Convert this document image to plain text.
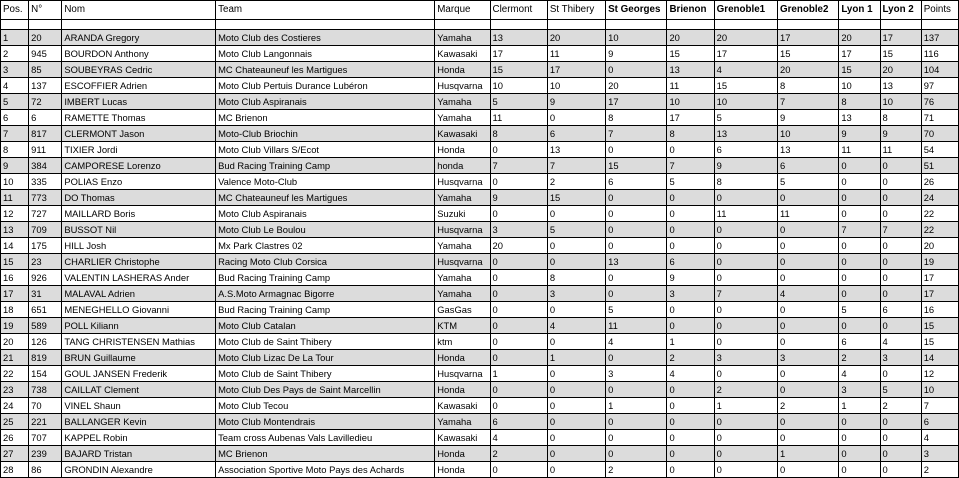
Pos.	N°	Nom	Team	Marque	Clermont	St Thibery	St Georges	Brienon	Grenoble1	Grenoble2	Lyon 1	Lyon 2	Points

1	20	ARANDA Gregory	Moto Club des Costieres	Yamaha	13	20	10	20	20	17	20	17	137
2	945	BOURDON Anthony	Moto Club Langonnais	Kawasaki	17	11	9	15	17	15	17	15	116
3	85	SOUBEYRAS Cedric	MC Chateauneuf les Martigues	Honda	15	17	0	13	4	20	15	20	104
4	137	ESCOFFIER Adrien	Moto Club Pertuis Durance Lubéron	Husqvarna	10	10	20	11	15	8	10	13	97
5	72	IMBERT Lucas	Moto Club Aspiranais	Yamaha	5	9	17	10	10	7	8	10	76
6	6	RAMETTE Thomas	MC Brienon	Yamaha	11	0	8	17	5	9	13	8	71
7	817	CLERMONT Jason	Moto-Club Briochin	Kawasaki	8	6	7	8	13	10	9	9	70
8	911	TIXIER Jordi	Moto Club Villars S/Ecot	Honda	0	13	0	0	6	13	11	11	54
9	384	CAMPORESE Lorenzo	Bud Racing Training Camp	honda	7	7	15	7	9	6	0	0	51
10	335	POLIAS Enzo	Valence Moto-Club	Husqvarna	0	2	6	5	8	5	0	0	26
11	773	DO Thomas	MC Chateauneuf les Martigues	Yamaha	9	15	0	0	0	0	0	0	24
12	727	MAILLARD Boris	Moto Club Aspiranais	Suzuki	0	0	0	0	11	11	0	0	22
13	709	BUSSOT Nil	Moto Club Le Boulou	Husqvarna	3	5	0	0	0	0	7	7	22
14	175	HILL Josh	Mx Park Clastres 02	Yamaha	20	0	0	0	0	0	0	0	20
15	23	CHARLIER Christophe	Racing Moto Club Corsica	Husqvarna	0	0	13	6	0	0	0	0	19
16	926	VALENTIN LASHERAS Ander	Bud Racing Training Camp	Yamaha	0	8	0	9	0	0	0	0	17
17	31	MALAVAL Adrien	A.S.Moto Armagnac Bigorre	Yamaha	0	3	0	3	7	4	0	0	17
18	651	MENEGHELLO Giovanni	Bud Racing Training Camp	GasGas	0	0	5	0	0	0	5	6	16
19	589	POLL Kiliann	Moto Club Catalan	KTM	0	4	11	0	0	0	0	0	15
20	126	TANG CHRISTENSEN Mathias	Moto Club de Saint Thibery	ktm	0	0	4	1	0	0	6	4	15
21	819	BRUN Guillaume	Moto Club Lizac De La Tour	Honda	0	1	0	2	3	3	2	3	14
22	154	GOUL JANSEN Frederik	Moto Club de Saint Thibery	Husqvarna	1	0	3	4	0	0	4	0	12
23	738	CAILLAT Clement	Moto Club Des Pays de Saint Marcellin	Honda	0	0	0	0	2	0	3	5	10
24	70	VINEL Shaun	Moto Club Tecou	Kawasaki	0	0	1	0	1	2	1	2	7
25	221	BALLANGER Kevin	Moto Club Montendrais	Yamaha	6	0	0	0	0	0	0	0	6
26	707	KAPPEL Robin	Team cross Aubenas Vals Lavilledieu	Kawasaki	4	0	0	0	0	0	0	0	4
27	239	BAJARD Tristan	MC Brienon	Honda	2	0	0	0	0	1	0	0	3
28	86	GRONDIN Alexandre	Association Sportive Moto Pays des Achards	Honda	0	0	2	0	0	0	0	0	2
